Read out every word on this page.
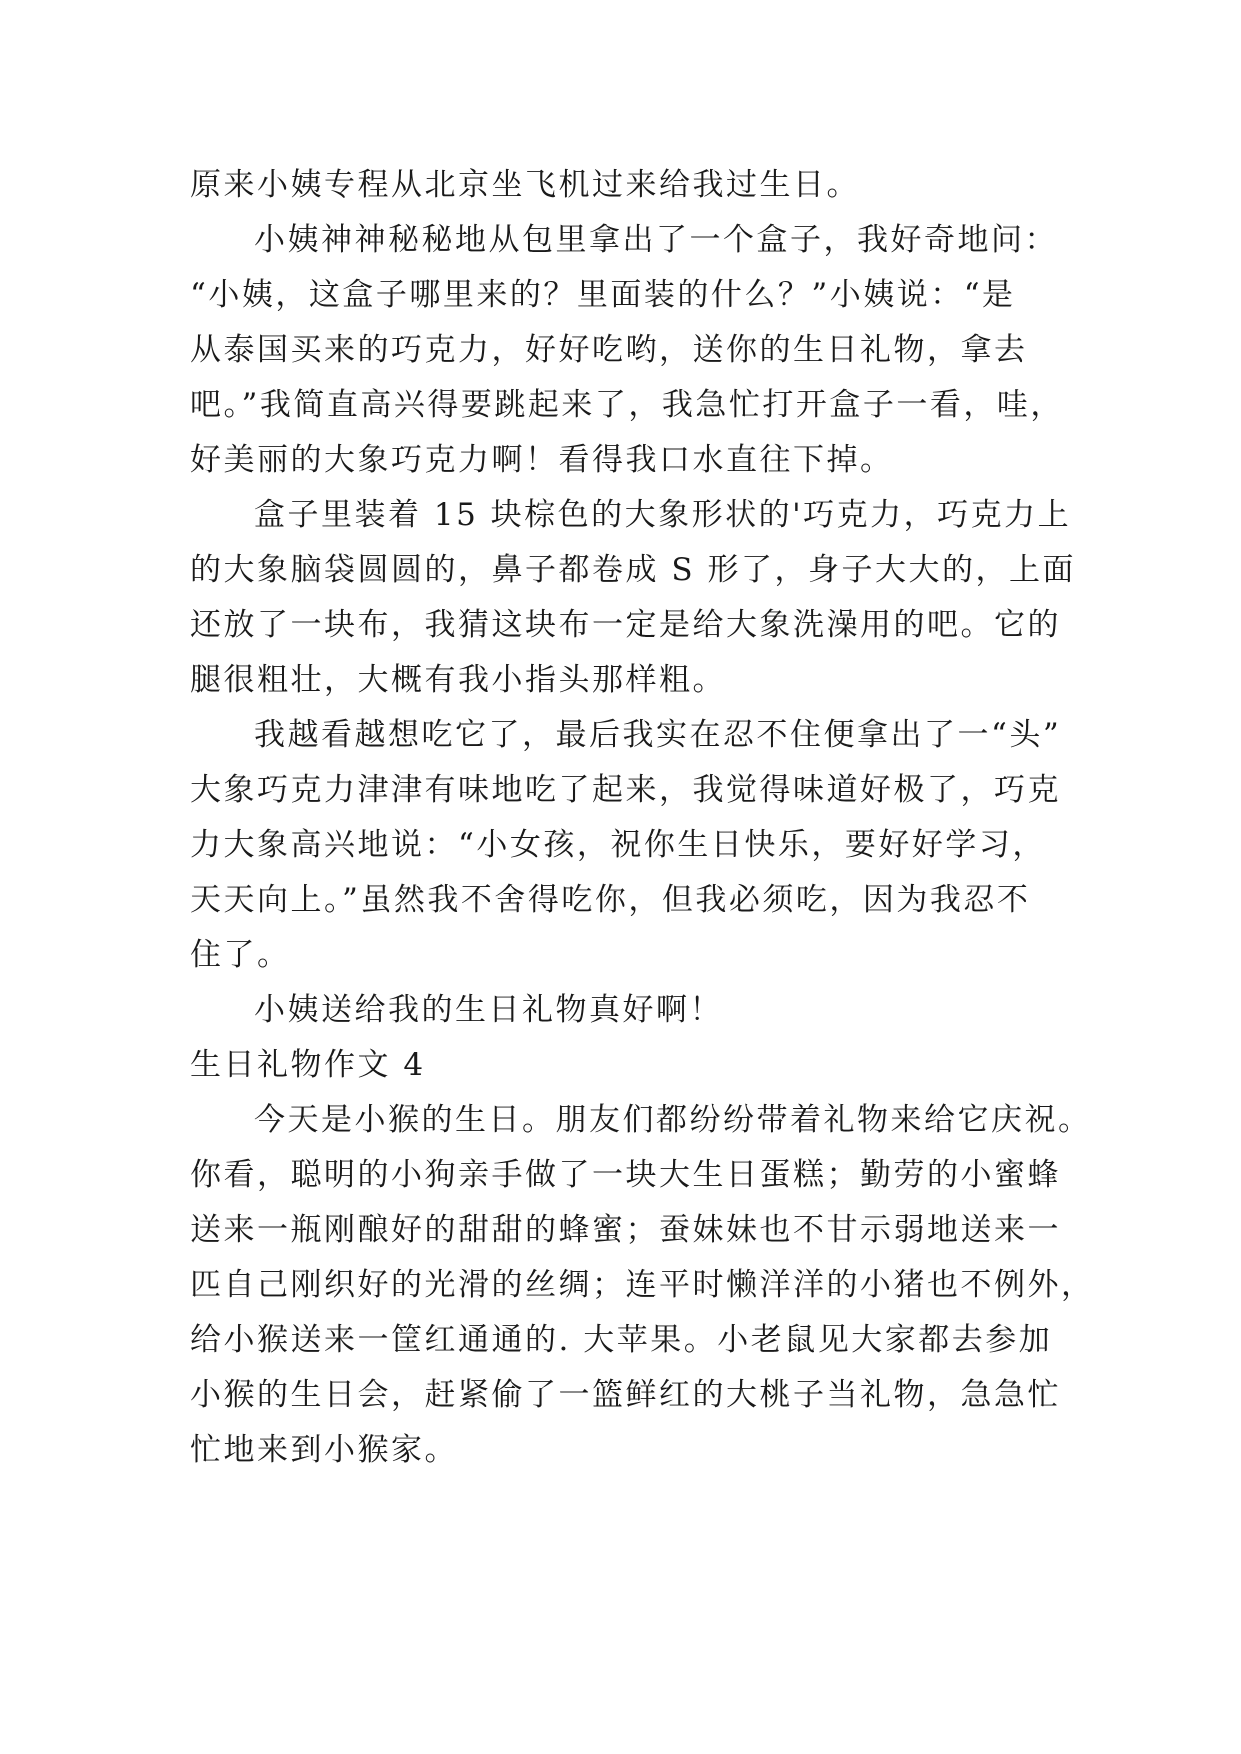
原来小姨专程从北京坐飞机过来给我过生日。
小姨神神秘秘地从包里拿出了一个盒子，我好奇地问：
“小姨，这盒子哪里来的？里面装的什么？”小姨说：“是
从泰国买来的巧克力，好好吃哟，送你的生日礼物，拿去
吧。”我简直高兴得要跳起来了，我急忙打开盒子一看，哇，
好美丽的大象巧克力啊！看得我口水直往下掉。
盒子里装着 15 块棕色的大象形状的'巧克力，巧克力上
的大象脑袋圆圆的，鼻子都卷成 S 形了，身子大大的，上面
还放了一块布，我猜这块布一定是给大象洗澡用的吧。它的
腿很粗壮，大概有我小指头那样粗。
我越看越想吃它了，最后我实在忍不住便拿出了一“头”
大象巧克力津津有味地吃了起来，我觉得味道好极了，巧克
力大象高兴地说：“小女孩，祝你生日快乐，要好好学习，
天天向上。”虽然我不舍得吃你，但我必须吃，因为我忍不
住了。
小姨送给我的生日礼物真好啊！
生日礼物作文 4
今天是小猴的生日。朋友们都纷纷带着礼物来给它庆祝。
你看，聪明的小狗亲手做了一块大生日蛋糕；勤劳的小蜜蜂
送来一瓶刚酿好的甜甜的蜂蜜；蚕妹妹也不甘示弱地送来一
匹自己刚织好的光滑的丝绸；连平时懒洋洋的小猪也不例外，
给小猴送来一筐红通通的. 大苹果。小老鼠见大家都去参加
小猴的生日会，赶紧偷了一篮鲜红的大桃子当礼物，急急忙
忙地来到小猴家。
